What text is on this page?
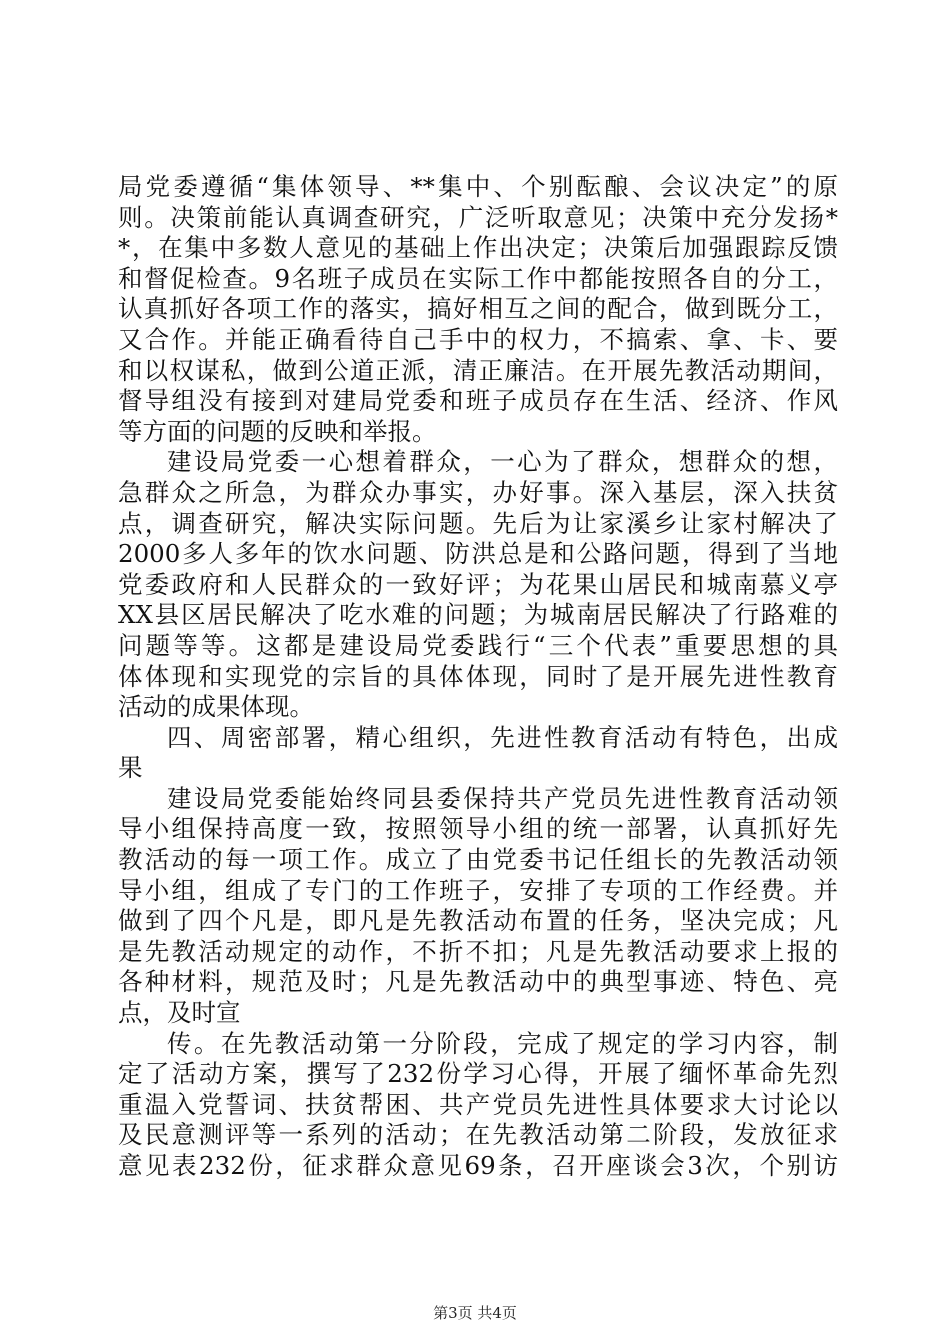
局党委遵循“集体领导、**集中、个别酝酿、会议决定”的原
则。决策前能认真调查研究，广泛听取意见；决策中充分发扬*
*，在集中多数人意见的基础上作出决定；决策后加强跟踪反馈
和督促检查。9名班子成员在实际工作中都能按照各自的分工，
认真抓好各项工作的落实，搞好相互之间的配合，做到既分工，
又合作。并能正确看待自己手中的权力，不搞索、拿、卡、要
和以权谋私，做到公道正派，清正廉洁。在开展先教活动期间，
督导组没有接到对建局党委和班子成员存在生活、经济、作风
等方面的问题的反映和举报。
建设局党委一心想着群众，一心为了群众，想群众的想，
急群众之所急，为群众办事实，办好事。深入基层，深入扶贫
点，调查研究，解决实际问题。先后为让家溪乡让家村解决了
2000多人多年的饮水问题、防洪总是和公路问题，得到了当地
党委政府和人民群众的一致好评；为花果山居民和城南慕义亭
XX县区居民解决了吃水难的问题；为城南居民解决了行路难的
问题等等。这都是建设局党委践行“三个代表”重要思想的具
体体现和实现党的宗旨的具体体现，同时了是开展先进性教育
活动的成果体现。
四、周密部署，精心组织，先进性教育活动有特色，出成
果
建设局党委能始终同县委保持共产党员先进性教育活动领
导小组保持高度一致，按照领导小组的统一部署，认真抓好先
教活动的每一项工作。成立了由党委书记任组长的先教活动领
导小组，组成了专门的工作班子，安排了专项的工作经费。并
做到了四个凡是，即凡是先教活动布置的任务，坚决完成；凡
是先教活动规定的动作，不折不扣；凡是先教活动要求上报的
各种材料，规范及时；凡是先教活动中的典型事迹、特色、亮
点，及时宣
传。在先教活动第一分阶段，完成了规定的学习内容，制
定了活动方案，撰写了232份学习心得，开展了缅怀革命先烈
重温入党誓词、扶贫帮困、共产党员先进性具体要求大讨论以
及民意测评等一系列的活动；在先教活动第二阶段，发放征求
意见表232份，征求群众意见69条，召开座谈会3次，个别访
第3页 共4页
